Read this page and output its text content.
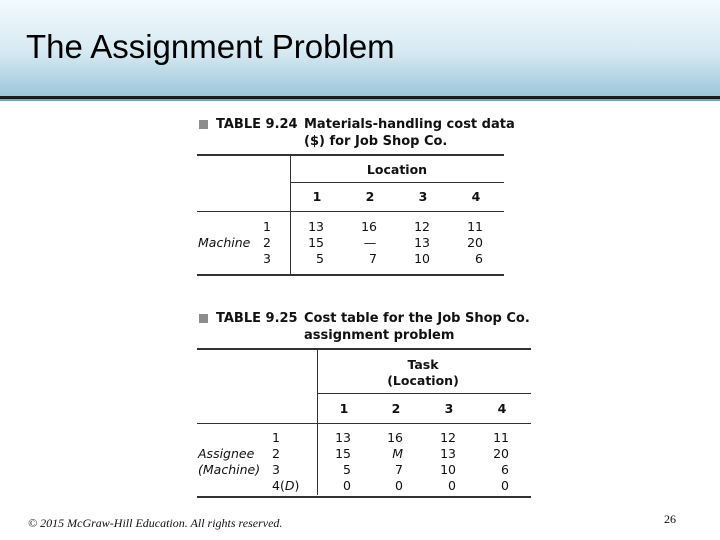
The Assignment Problem
TABLE 9.24 Materials-handling cost data
($) for Job Shop Co.
Location
1	2	3	4
Machine
1	13	16	12	11
2	15	—	13	20
3	5	7	10	6
TABLE 9.25 Cost table for the Job Shop Co.
assignment problem
Task
(Location)
1	2	3	4
Assignee
(Machine)
1	13	16	12	11
2	15	M	13	20
3	5	7	10	6
4(D)	0	0	0	0
© 2015 McGraw-Hill Education. All rights reserved.	26
